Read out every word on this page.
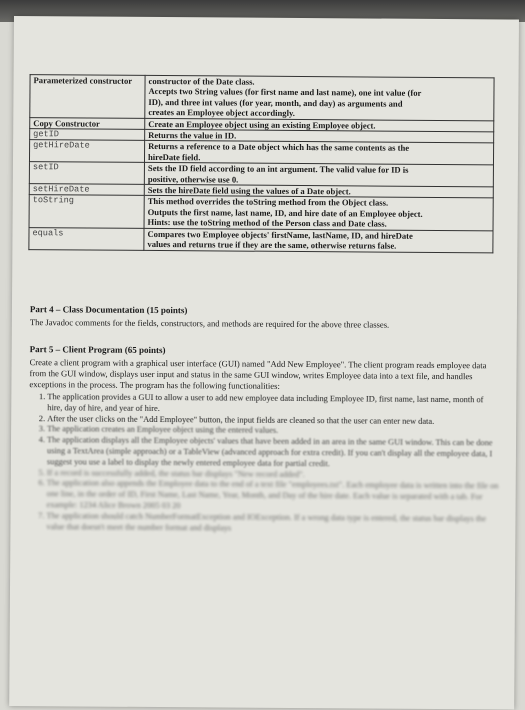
Parameterized constructor	constructor of the Date class.
Accepts two String values (for first name and last name), one int value (for
ID), and three int values (for year, month, and day) as arguments and
creates an Employee object accordingly.

Copy Constructor	Create an Employee object using an existing Employee object.

getID	Returns the value in ID.

getHireDate	Returns a reference to a Date object which has the same contents as the
hireDate field.

setID	Sets the ID field according to an int argument. The valid value for ID is
positive, otherwise use 0.

setHireDate	Sets the hireDate field using the values of a Date object.

toString	This method overrides the toString method from the Object class.
Outputs the first name, last name, ID, and hire date of an Employee object.
Hints: use the toString method of the Person class and Date class.

equals	Compares two Employee objects' firstName, lastName, ID, and hireDate
values and returns true if they are the same, otherwise returns false.
Part 4 – Class Documentation (15 points)
The Javadoc comments for the fields, constructors, and methods are required for the above three classes.
Part 5 – Client Program (65 points)
Create a client program with a graphical user interface (GUI) named "Add New Employee". The client program reads employee data from the GUI window, displays user input and status in the same GUI window, writes Employee data into a text file, and handles exceptions in the process. The program has the following functionalities:
1. The application provides a GUI to allow a user to add new employee data including Employee ID, first name, last name, month of hire, day of hire, and year of hire.
2. After the user clicks on the "Add Employee" button, the input fields are cleaned so that the user can enter new data.
3. The application creates an Employee object using the entered values.
4. The application displays all the Employee objects' values that have been added in an area in the same GUI window. This can be done using a TextArea (simple approach) or a TableView (advanced approach for extra credit). If you can't display all the employee data, I suggest you use a label to display the newly entered employee data for partial credit.
5. If a record is successfully added, the status bar displays "New record added".
6. The application also appends the Employee data to the end of a text file "employees.txt". Each employee data is written into the file on one line, in the order of ID, First Name, Last Name, Year, Month, and Day of the hire date. Each value is separated with a tab. For example: 1234 Alice Brown 2005 03 20
7. The application should catch NumberFormatException and IOException. If a wrong data type is entered, the status bar displays the value that doesn't meet the number format and displays
